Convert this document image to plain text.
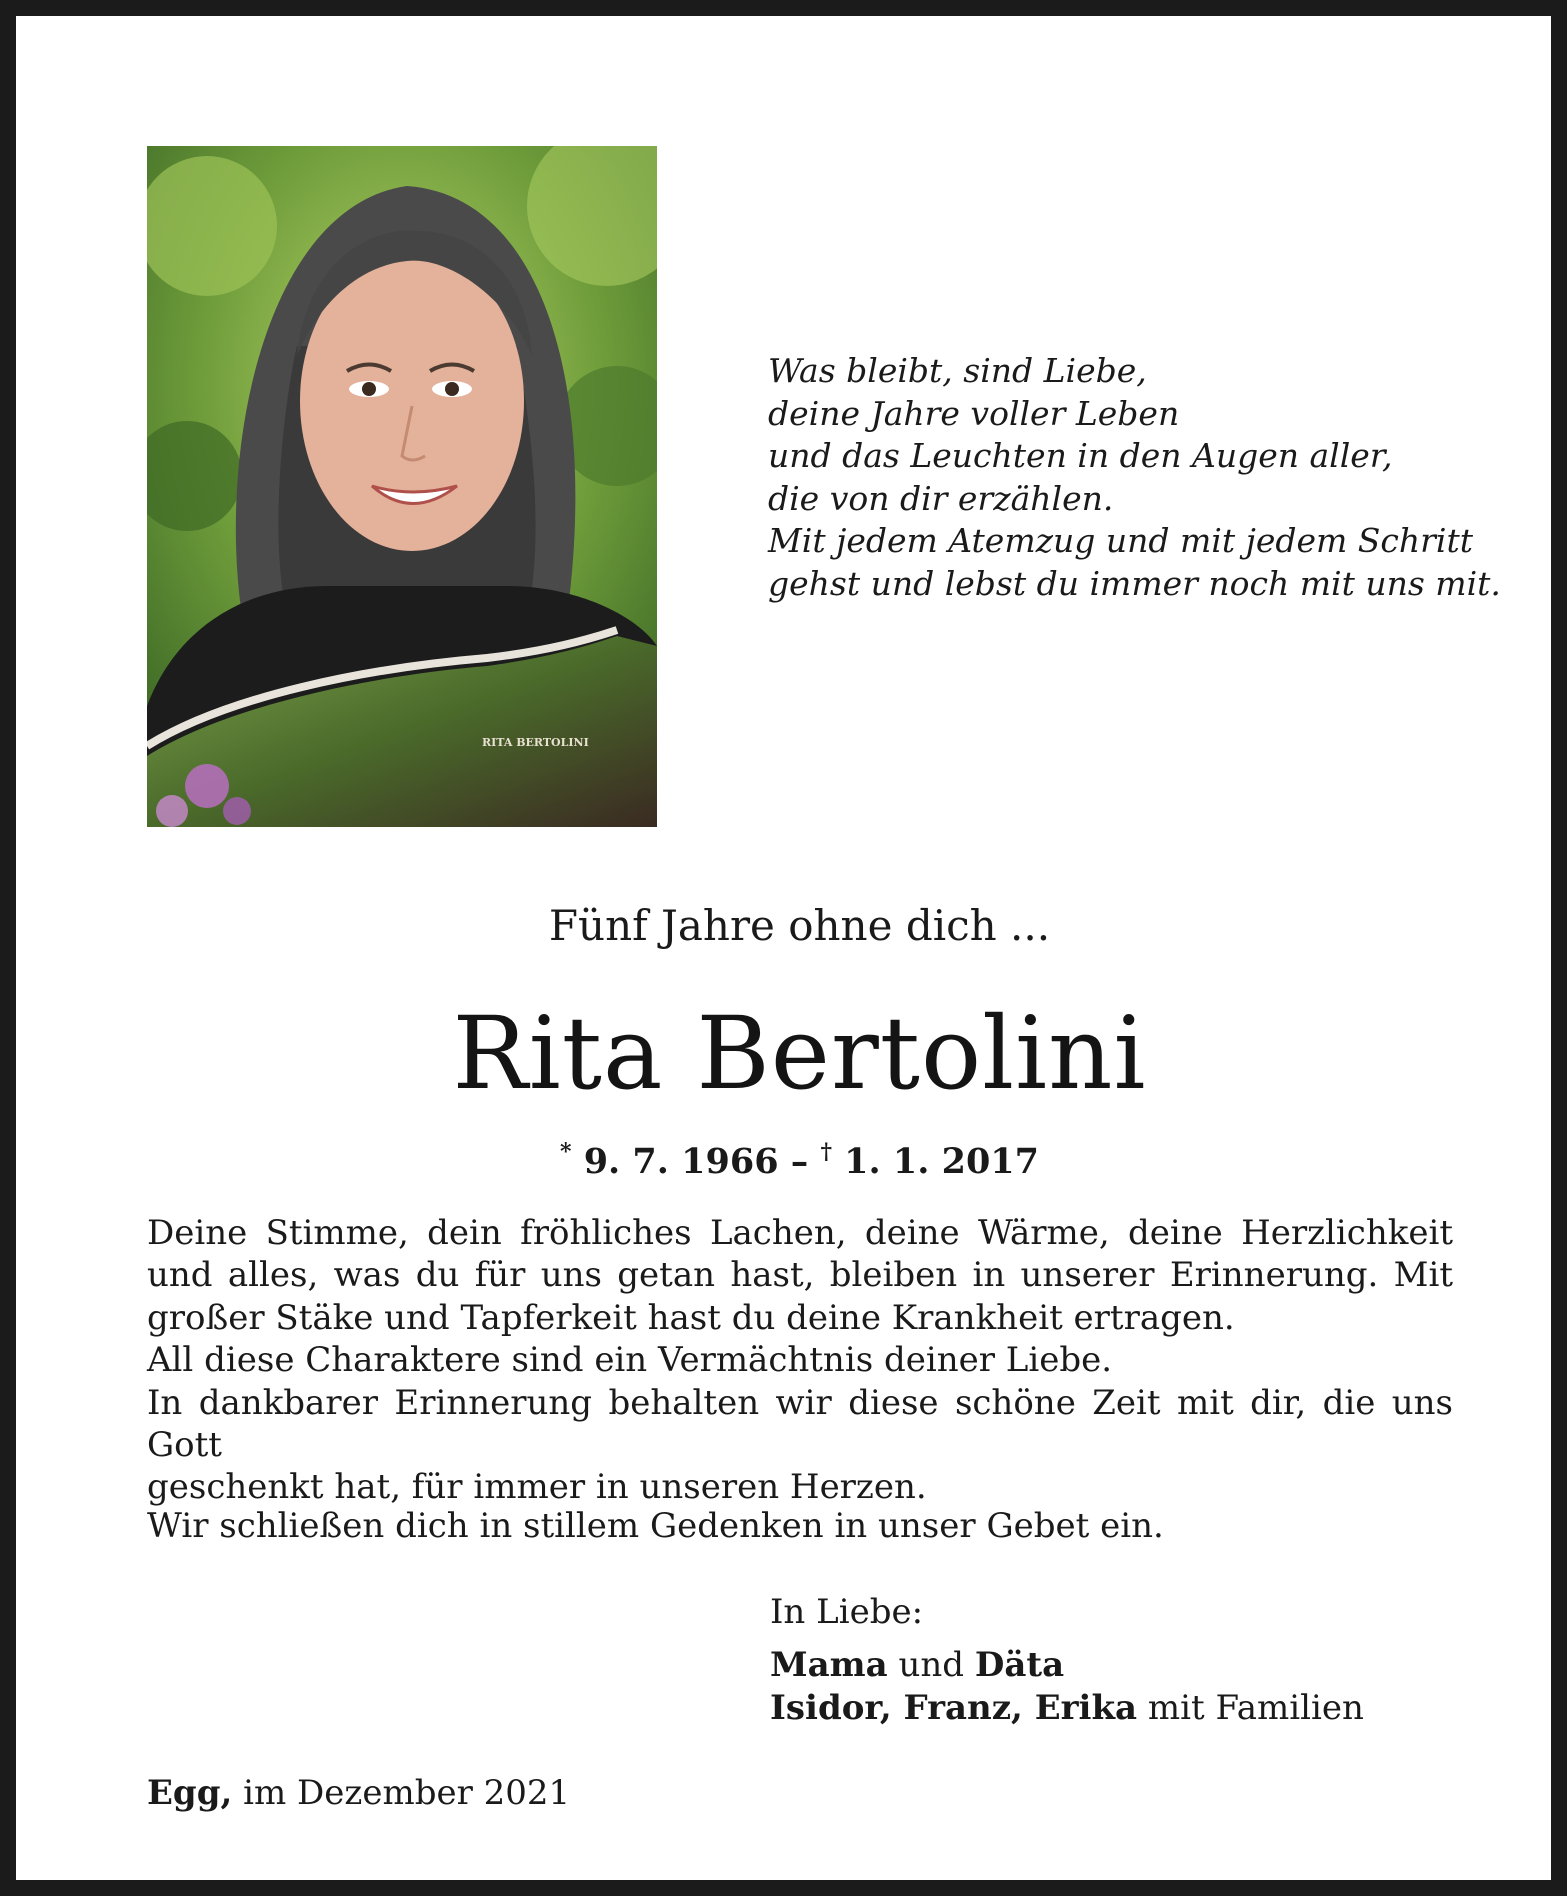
RITA BERTOLINI
Was bleibt, sind Liebe,
deine Jahre voller Leben
und das Leuchten in den Augen aller,
die von dir erzählen.
Mit jedem Atemzug und mit jedem Schritt
gehst und lebst du immer noch mit uns mit.
Fünf Jahre ohne dich ...
Rita Bertolini
* 9. 7. 1966 – † 1. 1. 2017
Deine Stimme, dein fröhliches Lachen, deine Wärme, deine Herzlichkeit
und alles, was du für uns getan hast, bleiben in unserer Erinnerung. Mit
großer Stäke und Tapferkeit hast du deine Krankheit ertragen.
All diese Charaktere sind ein Vermächtnis deiner Liebe.
In dankbarer Erinnerung behalten wir diese schöne Zeit mit dir, die uns Gott
geschenkt hat, für immer in unseren Herzen.
Wir schließen dich in stillem Gedenken in unser Gebet ein.
In Liebe:
Mama und Däta
Isidor, Franz, Erika mit Familien
Egg, im Dezember 2021
